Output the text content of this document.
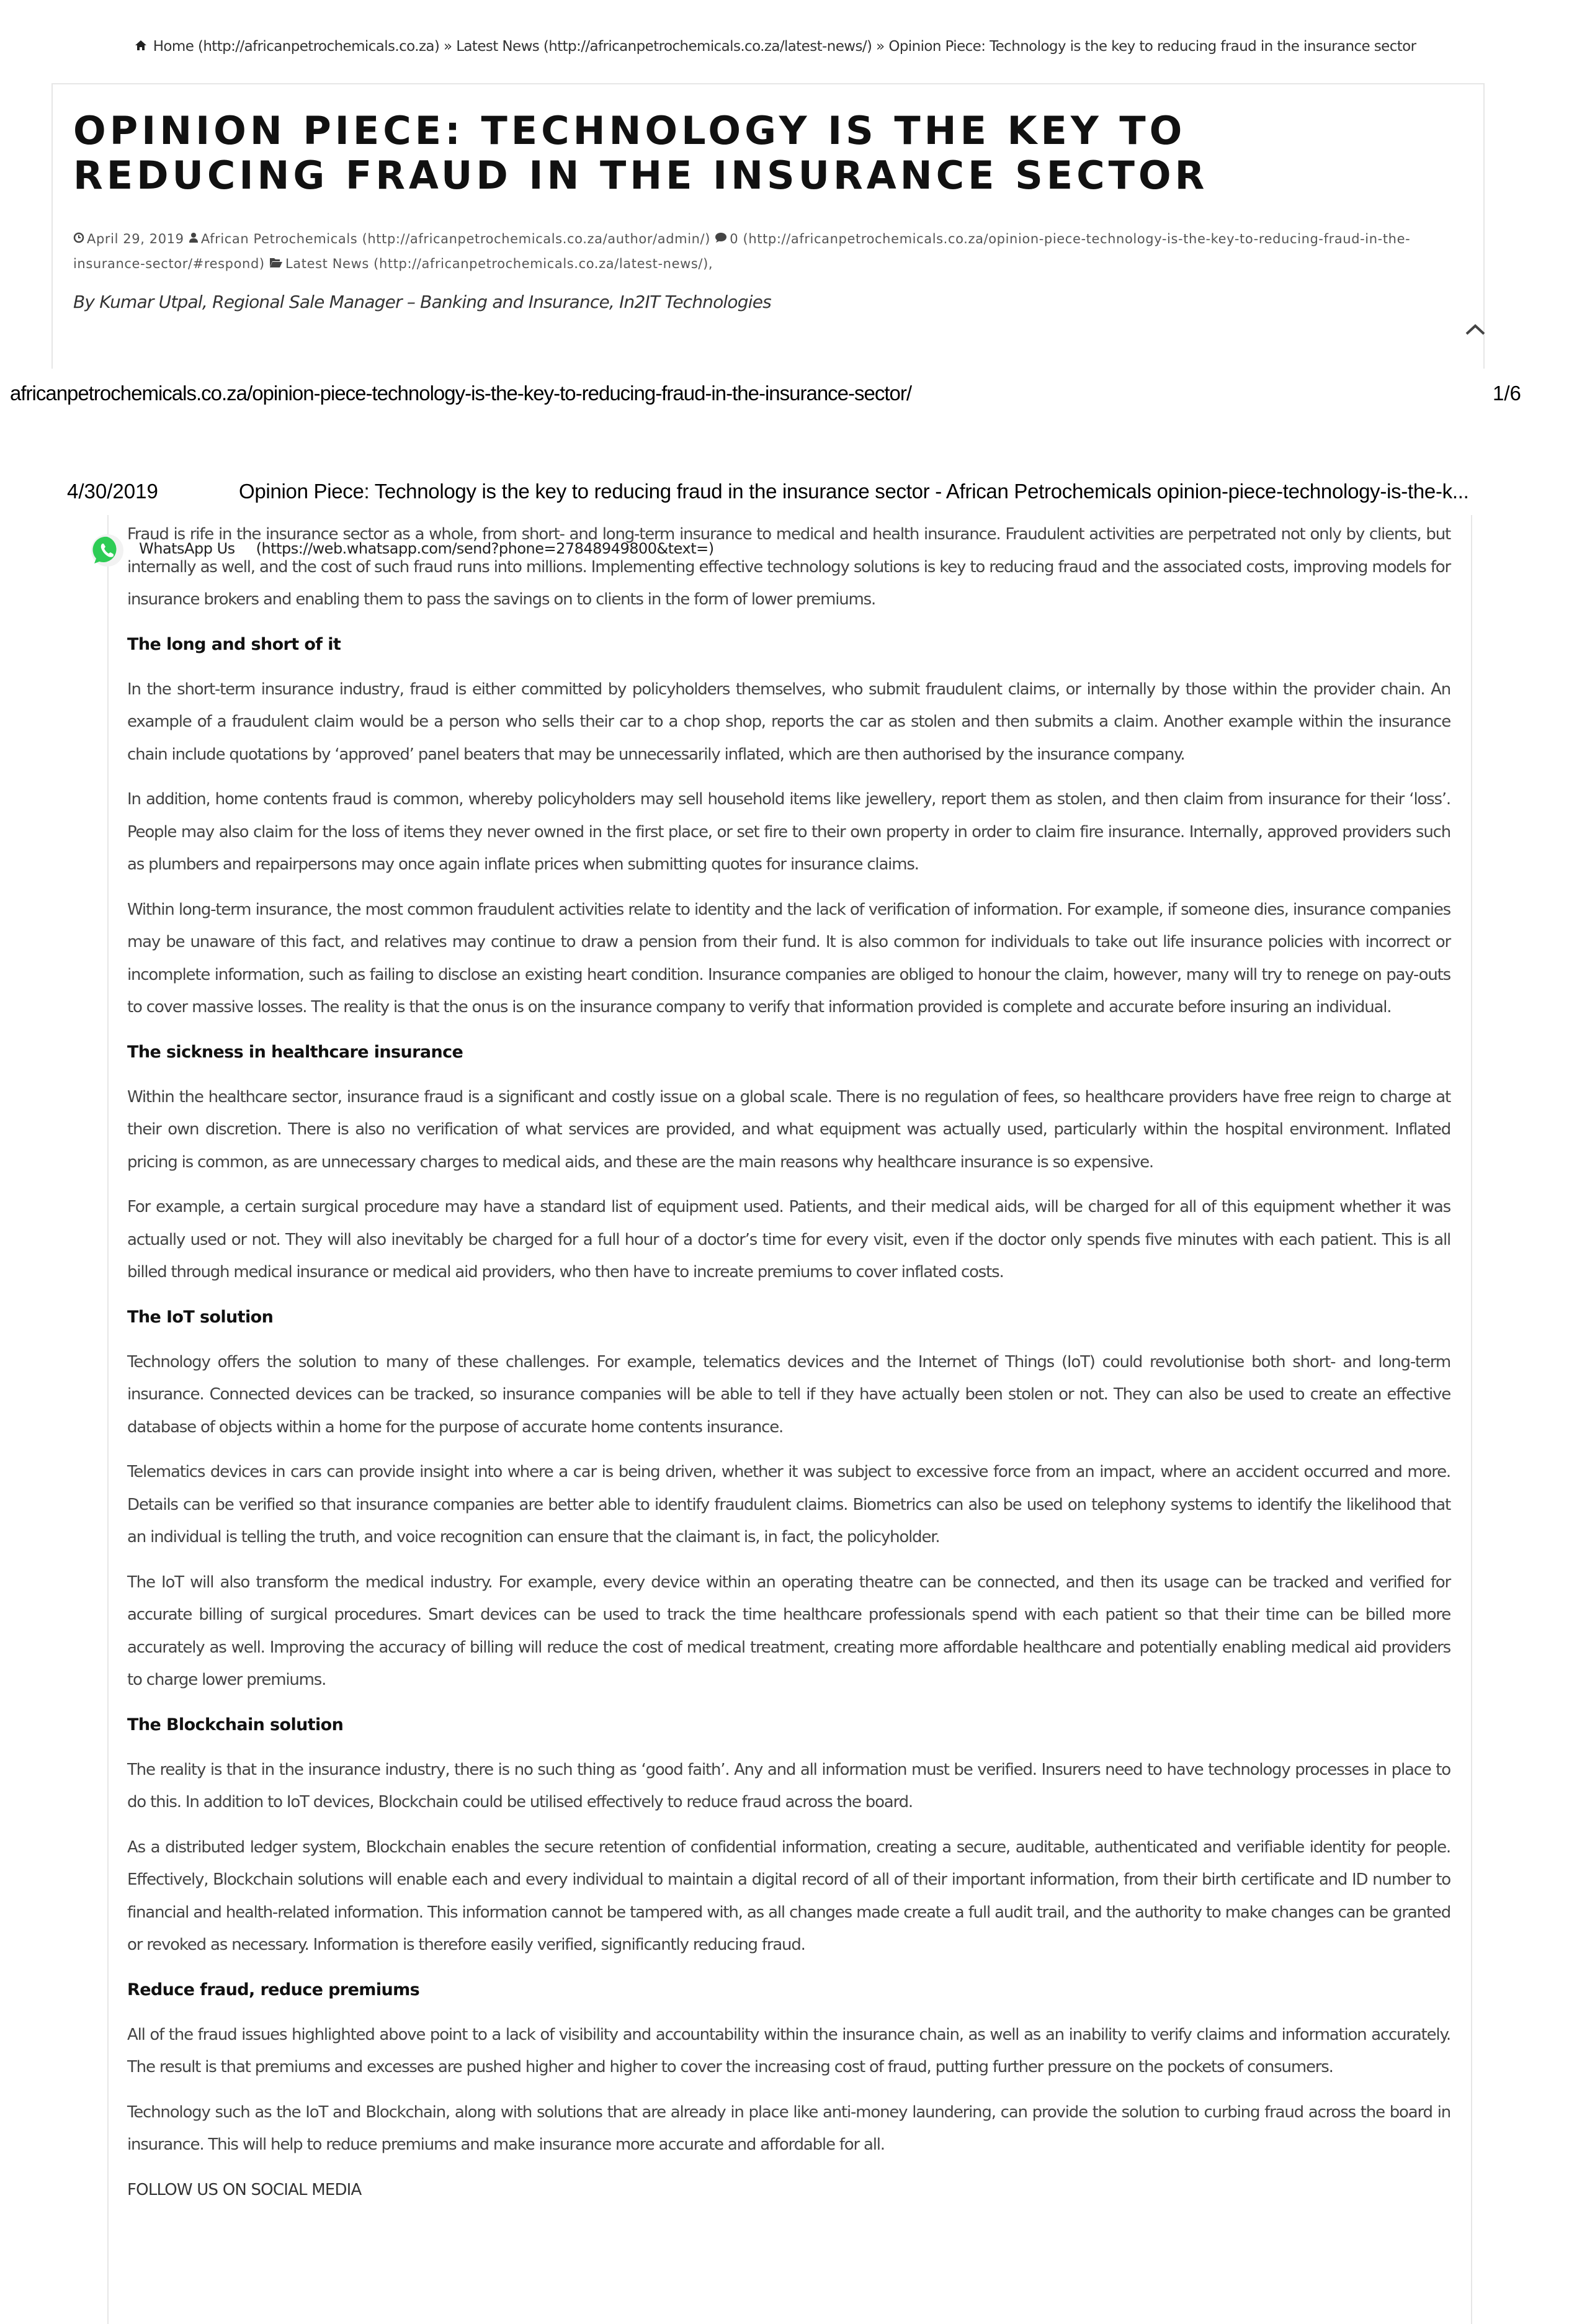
Home (http://africanpetrochemicals.co.za) » Latest News (http://africanpetrochemicals.co.za/latest-news/) » Opinion Piece: Technology is the key to reducing fraud in the insurance sector
OPINION PIECE: TECHNOLOGY IS THE KEY TO REDUCING FRAUD IN THE INSURANCE SECTOR
April 29, 2019 African Petrochemicals (http://africanpetrochemicals.co.za/author/admin/) 0 (http://africanpetrochemicals.co.za/opinion-piece-technology-is-the-key-to-reducing-fraud-in-the-insurance-sector/#respond) Latest News (http://africanpetrochemicals.co.za/latest-news/),
By Kumar Utpal, Regional Sale Manager – Banking and Insurance, In2IT Technologies
africanpetrochemicals.co.za/opinion-piece-technology-is-the-key-to-reducing-fraud-in-the-insurance-sector/	1/6
4/30/2019	Opinion Piece: Technology is the key to reducing fraud in the insurance sector - African Petrochemicals opinion-piece-technology-is-the-k...
WhatsApp Us (https://web.whatsapp.com/send?phone=27848949800&text=)

Fraud is rife in the insurance sector as a whole, from short- and long-term insurance to medical and health insurance. Fraudulent activities are perpetrated not only by clients, but internally as well, and the cost of such fraud runs into millions. Implementing effective technology solutions is key to reducing fraud and the associated costs, improving models for insurance brokers and enabling them to pass the savings on to clients in the form of lower premiums.

The long and short of it

In the short-term insurance industry, fraud is either committed by policyholders themselves, who submit fraudulent claims, or internally by those within the provider chain. An example of a fraudulent claim would be a person who sells their car to a chop shop, reports the car as stolen and then submits a claim. Another example within the insurance chain include quotations by ‘approved’ panel beaters that may be unnecessarily inflated, which are then authorised by the insurance company.

In addition, home contents fraud is common, whereby policyholders may sell household items like jewellery, report them as stolen, and then claim from insurance for their ‘loss’. People may also claim for the loss of items they never owned in the first place, or set fire to their own property in order to claim fire insurance. Internally, approved providers such as plumbers and repairpersons may once again inflate prices when submitting quotes for insurance claims.

Within long-term insurance, the most common fraudulent activities relate to identity and the lack of verification of information. For example, if someone dies, insurance companies may be unaware of this fact, and relatives may continue to draw a pension from their fund. It is also common for individuals to take out life insurance policies with incorrect or incomplete information, such as failing to disclose an existing heart condition. Insurance companies are obliged to honour the claim, however, many will try to renege on pay-outs to cover massive losses. The reality is that the onus is on the insurance company to verify that information provided is complete and accurate before insuring an individual.

The sickness in healthcare insurance

Within the healthcare sector, insurance fraud is a significant and costly issue on a global scale. There is no regulation of fees, so healthcare providers have free reign to charge at their own discretion. There is also no verification of what services are provided, and what equipment was actually used, particularly within the hospital environment. Inflated pricing is common, as are unnecessary charges to medical aids, and these are the main reasons why healthcare insurance is so expensive.

For example, a certain surgical procedure may have a standard list of equipment used. Patients, and their medical aids, will be charged for all of this equipment whether it was actually used or not. They will also inevitably be charged for a full hour of a doctor’s time for every visit, even if the doctor only spends five minutes with each patient. This is all billed through medical insurance or medical aid providers, who then have to increate premiums to cover inflated costs.

The IoT solution

Technology offers the solution to many of these challenges. For example, telematics devices and the Internet of Things (IoT) could revolutionise both short- and long-term insurance. Connected devices can be tracked, so insurance companies will be able to tell if they have actually been stolen or not. They can also be used to create an effective database of objects within a home for the purpose of accurate home contents insurance.

Telematics devices in cars can provide insight into where a car is being driven, whether it was subject to excessive force from an impact, where an accident occurred and more. Details can be verified so that insurance companies are better able to identify fraudulent claims. Biometrics can also be used on telephony systems to identify the likelihood that an individual is telling the truth, and voice recognition can ensure that the claimant is, in fact, the policyholder.

The IoT will also transform the medical industry. For example, every device within an operating theatre can be connected, and then its usage can be tracked and verified for accurate billing of surgical procedures. Smart devices can be used to track the time healthcare professionals spend with each patient so that their time can be billed more accurately as well. Improving the accuracy of billing will reduce the cost of medical treatment, creating more affordable healthcare and potentially enabling medical aid providers to charge lower premiums.

The Blockchain solution

The reality is that in the insurance industry, there is no such thing as ‘good faith’. Any and all information must be verified. Insurers need to have technology processes in place to do this. In addition to IoT devices, Blockchain could be utilised effectively to reduce fraud across the board.

As a distributed ledger system, Blockchain enables the secure retention of confidential information, creating a secure, auditable, authenticated and verifiable identity for people. Effectively, Blockchain solutions will enable each and every individual to maintain a digital record of all of their important information, from their birth certificate and ID number to financial and health-related information. This information cannot be tampered with, as all changes made create a full audit trail, and the authority to make changes can be granted or revoked as necessary. Information is therefore easily verified, significantly reducing fraud.

Reduce fraud, reduce premiums

All of the fraud issues highlighted above point to a lack of visibility and accountability within the insurance chain, as well as an inability to verify claims and information accurately. The result is that premiums and excesses are pushed higher and higher to cover the increasing cost of fraud, putting further pressure on the pockets of consumers.

Technology such as the IoT and Blockchain, along with solutions that are already in place like anti-money laundering, can provide the solution to curbing fraud across the board in insurance. This will help to reduce premiums and make insurance more accurate and affordable for all.

FOLLOW US ON SOCIAL MEDIA
